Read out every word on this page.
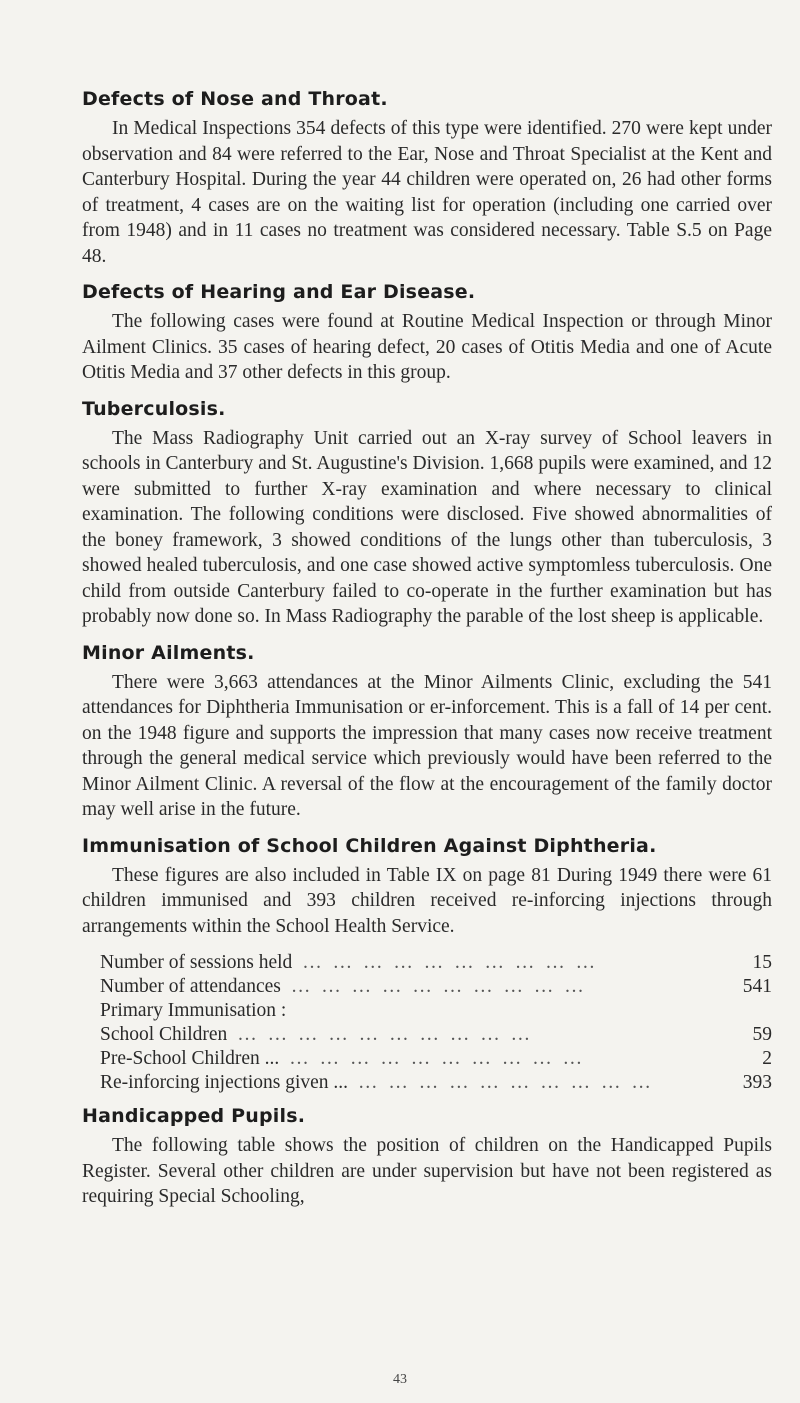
Defects of Nose and Throat.

In Medical Inspections 354 defects of this type were identified. 270 were kept under observation and 84 were referred to the Ear, Nose and Throat Specialist at the Kent and Canterbury Hospital. During the year 44 children were operated on, 26 had other forms of treatment, 4 cases are on the waiting list for operation (including one carried over from 1948) and in 11 cases no treatment was considered necessary. Table S.5 on Page 48.

Defects of Hearing and Ear Disease.

The following cases were found at Routine Medical Inspection or through Minor Ailment Clinics. 35 cases of hearing defect, 20 cases of Otitis Media and one of Acute Otitis Media and 37 other defects in this group.

Tuberculosis.

The Mass Radiography Unit carried out an X-ray survey of School leavers in schools in Canterbury and St. Augustine's Division. 1,668 pupils were examined, and 12 were submitted to further X-ray examination and where necessary to clinical examination. The following conditions were disclosed. Five showed abnormalities of the boney framework, 3 showed conditions of the lungs other than tuberculosis, 3 showed healed tuberculosis, and one case showed active symptomless tuberculosis. One child from outside Canterbury failed to co-operate in the further examination but has probably now done so. In Mass Radiography the parable of the lost sheep is applicable.

Minor Ailments.

There were 3,663 attendances at the Minor Ailments Clinic, excluding the 541 attendances for Diphtheria Immunisation or er-inforcement. This is a fall of 14 per cent. on the 1948 figure and supports the impression that many cases now receive treatment through the general medical service which previously would have been referred to the Minor Ailment Clinic. A reversal of the flow at the encouragement of the family doctor may well arise in the future.

Immunisation of School Children Against Diphtheria.

These figures are also included in Table IX on page 81 During 1949 there were 61 children immunised and 393 children received re-inforcing injections through arrangements within the School Health Service.

Number of sessions held … … … … … … … … … …	15
Number of attendances … … … … … … … … … …	541
Primary Immunisation :
School Children … … … … … … … … … …	59
Pre-School Children ... … … … … … … … … … …	2
Re-inforcing injections given ... … … … … … … … … … …	393
Handicapped Pupils.

The following table shows the position of children on the Handicapped Pupils Register. Several other children are under supervision but have not been registered as requiring Special Schooling,

43
